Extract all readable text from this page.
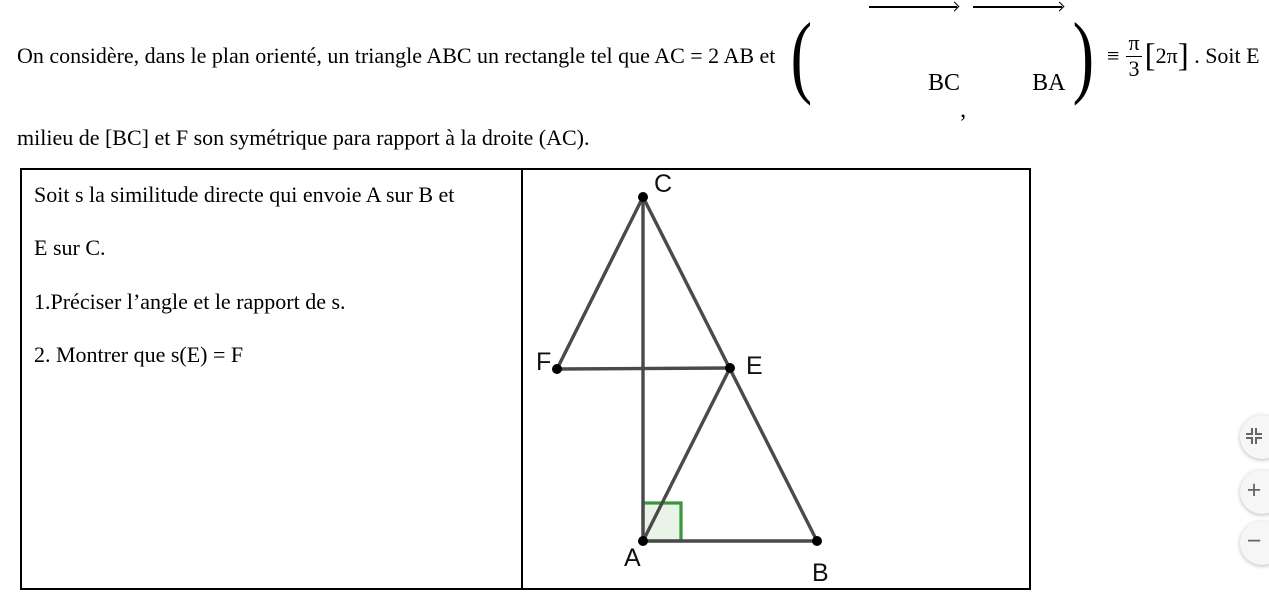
On considère, dans le plan orienté, un triangle ABC un rectangle tel que AC = 2 AB et (

	BC
,

BA

) ≡ $\frac{\pi}{3}$ [ 2π ] . Soit E
milieu de [BC] et F son symétrique para rapport à la droite (AC).
Soit s la similitude directe qui envoie A sur B et
E sur C.
1.Préciser l’angle et le rapport de s.
2. Montrer que s(E) = F
C
F	E
A
B
+
−
